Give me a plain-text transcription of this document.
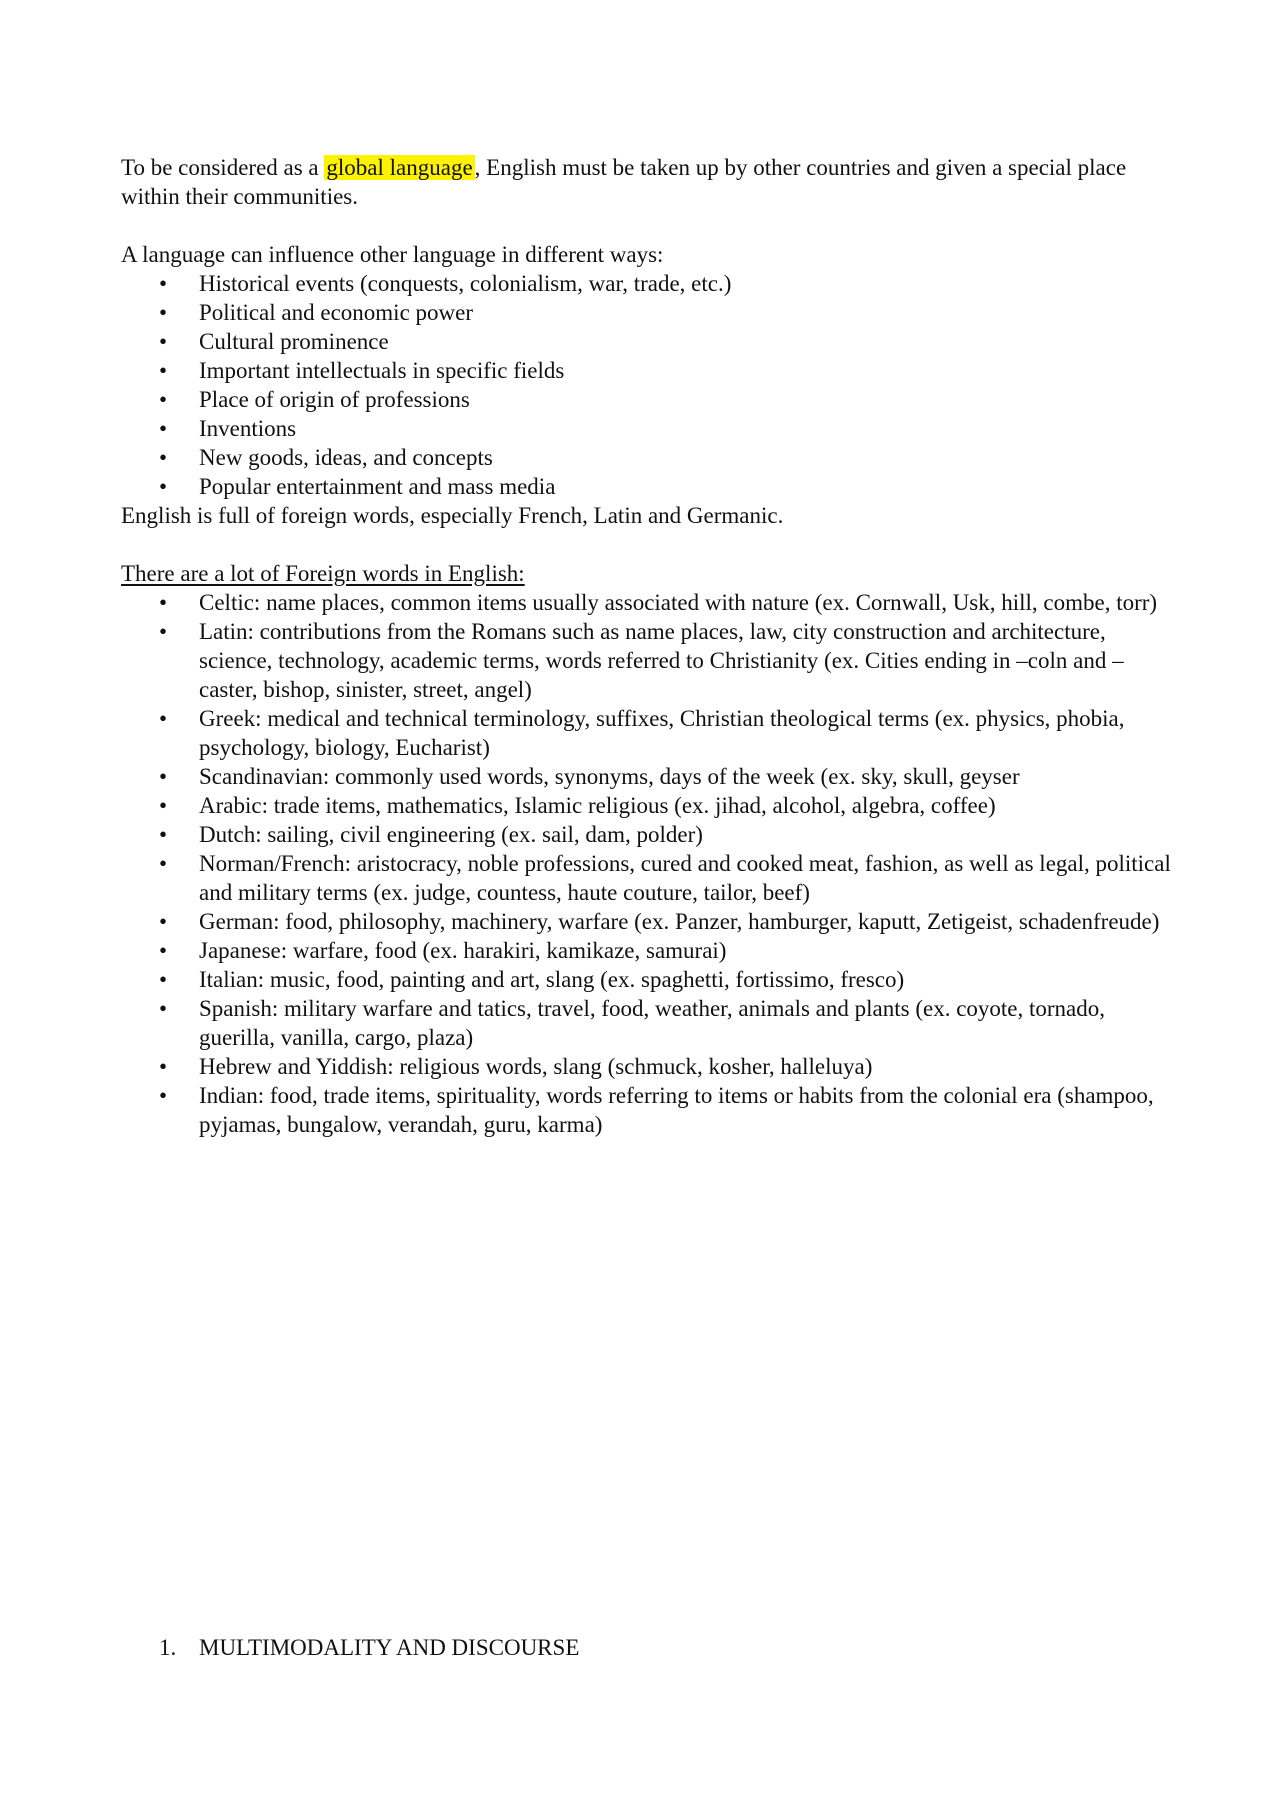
To be considered as a global language, English must be taken up by other countries and given a special place within their communities.

A language can influence other language in different ways:

• Historical events (conquests, colonialism, war, trade, etc.)
• Political and economic power
• Cultural prominence
• Important intellectuals in specific fields
• Place of origin of professions
• Inventions
• New goods, ideas, and concepts
• Popular entertainment and mass media

English is full of foreign words, especially French, Latin and Germanic.

There are a lot of Foreign words in English:

• Celtic: name places, common items usually associated with nature (ex. Cornwall, Usk, hill, combe, torr)
• Latin: contributions from the Romans such as name places, law, city construction and architecture, science, technology, academic terms, words referred to Christianity (ex. Cities ending in –coln and –caster, bishop, sinister, street, angel)
• Greek: medical and technical terminology, suffixes, Christian theological terms (ex. physics, phobia, psychology, biology, Eucharist)
• Scandinavian: commonly used words, synonyms, days of the week (ex. sky, skull, geyser
• Arabic: trade items, mathematics, Islamic religious (ex. jihad, alcohol, algebra, coffee)
• Dutch: sailing, civil engineering (ex. sail, dam, polder)
• Norman/French: aristocracy, noble professions, cured and cooked meat, fashion, as well as legal, political and military terms (ex. judge, countess, haute couture, tailor, beef)
• German: food, philosophy, machinery, warfare (ex. Panzer, hamburger, kaputt, Zetigeist, schadenfreude)
• Japanese: warfare, food (ex. harakiri, kamikaze, samurai)
• Italian: music, food, painting and art, slang (ex. spaghetti, fortissimo, fresco)
• Spanish: military warfare and tatics, travel, food, weather, animals and plants (ex. coyote, tornado, guerilla, vanilla, cargo, plaza)
• Hebrew and Yiddish: religious words, slang (schmuck, kosher, halleluya)
• Indian: food, trade items, spirituality, words referring to items or habits from the colonial era (shampoo, pyjamas, bungalow, verandah, guru, karma)
1. MULTIMODALITY AND DISCOURSE
